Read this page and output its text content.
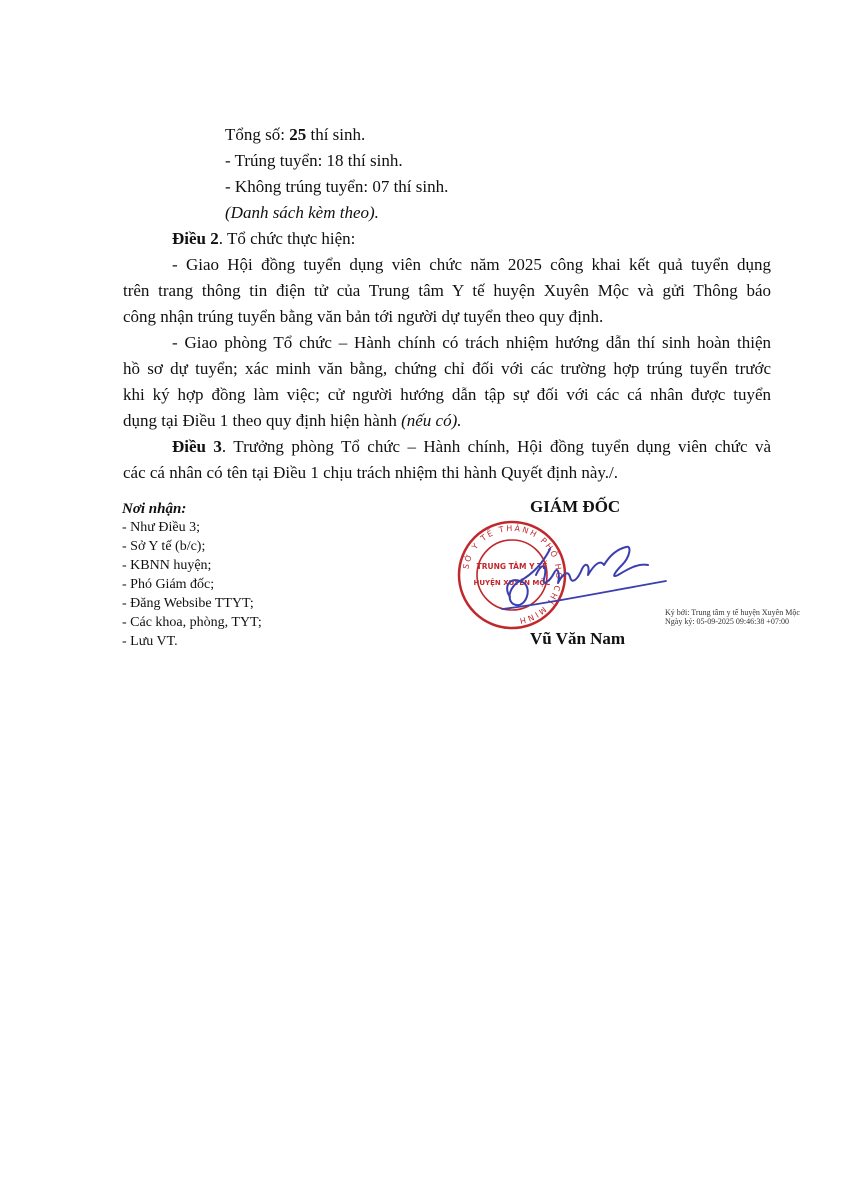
Tổng số: 25 thí sinh.
- Trúng tuyển: 18 thí sinh.
- Không trúng tuyển: 07 thí sinh.
(Danh sách kèm theo).
Điều 2. Tổ chức thực hiện:
- Giao Hội đồng tuyển dụng viên chức năm 2025 công khai kết quả tuyển dụng
trên trang thông tin điện tử của Trung tâm Y tế huyện Xuyên Mộc và gửi Thông báo
công nhận trúng tuyển bằng văn bản tới người dự tuyển theo quy định.
- Giao phòng Tổ chức – Hành chính có trách nhiệm hướng dẫn thí sinh hoàn thiện
hồ sơ dự tuyển; xác minh văn bằng, chứng chỉ đối với các trường hợp trúng tuyển trước
khi ký hợp đồng làm việc; cử người hướng dẫn tập sự đối với các cá nhân được tuyển
dụng tại Điều 1 theo quy định hiện hành (nếu có).
Điều 3. Trưởng phòng Tổ chức – Hành chính, Hội đồng tuyển dụng viên chức và
các cá nhân có tên tại Điều 1 chịu trách nhiệm thi hành Quyết định này./.
Nơi nhận:
- Như Điều 3;
- Sở Y tế (b/c);
- KBNN huyện;
- Phó Giám đốc;
- Đăng Websibe TTYT;
- Các khoa, phòng, TYT;
- Lưu VT.
GIÁM ĐỐC
SỞ Y TẾ THÀNH PHỐ HỒ CHÍ MINH
TRUNG TÂM Y TẾ
HUYỆN XUYÊN MỘC
Ký bởi: Trung tâm y tế huyện Xuyên Mộc
Ngày ký: 05-09-2025 09:46:38 +07:00
Vũ Văn Nam
